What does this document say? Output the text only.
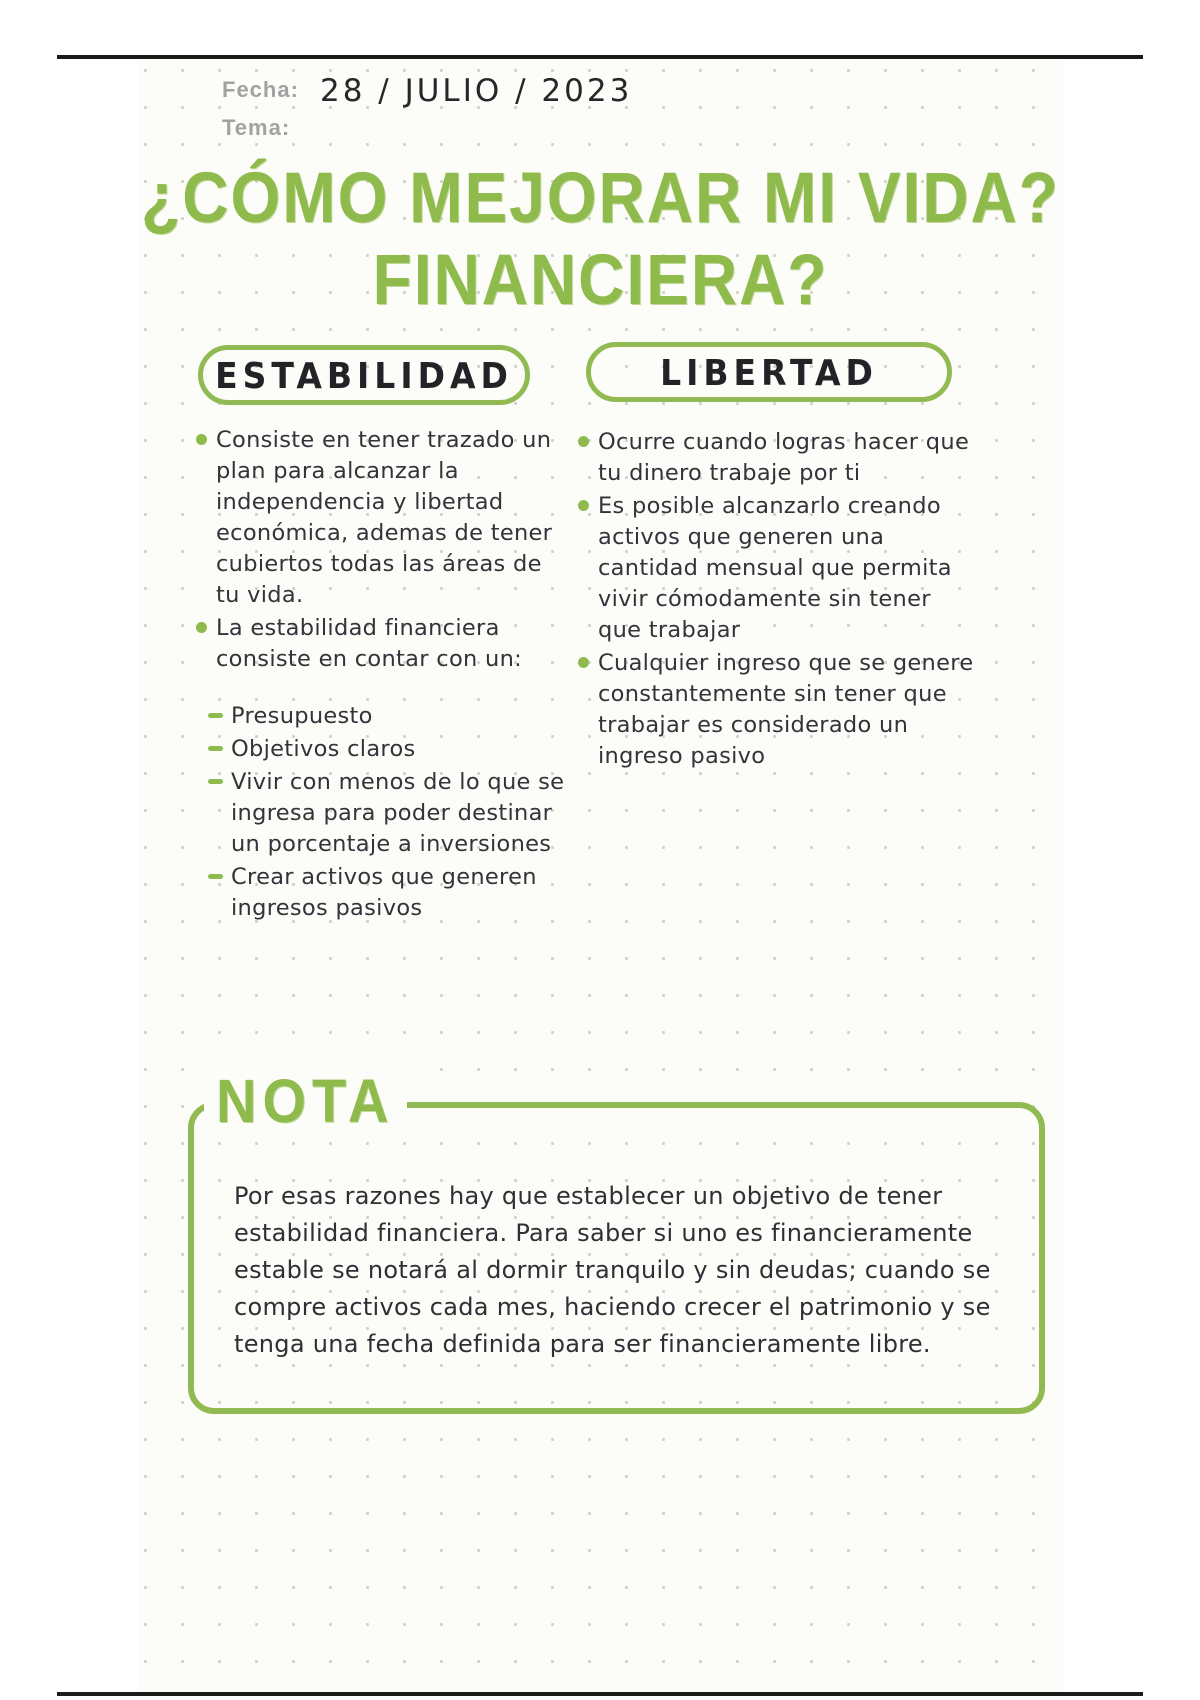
Fecha:
Tema:
28 / JULIO / 2023
¿CÓMO MEJORAR MI VIDA?
FINANCIERA?
ESTABILIDAD	LIBERTAD

Consiste en tener trazado un plan para alcanzar la independencia y libertad económica, ademas de tener cubiertos todas las áreas de tu vida.

La estabilidad financiera consiste en contar con un:

Presupuesto

Objetivos claros

Vivir con menos de lo que se ingresa para poder destinar un porcentaje a inversiones

Crear activos que generen ingresos pasivos

Ocurre cuando logras hacer que tu dinero trabaje por ti

Es posible alcanzarlo creando activos que generen una cantidad mensual que permita vivir cómodamente sin tener que trabajar

Cualquier ingreso que se genere constantemente sin tener que trabajar es considerado un ingreso pasivo

NOTA

Por esas razones hay que establecer un objetivo de tener estabilidad financiera. Para saber si uno es financieramente estable se notará al dormir tranquilo y sin deudas; cuando se compre activos cada mes, haciendo crecer el patrimonio y se tenga una fecha definida para ser financieramente libre.
